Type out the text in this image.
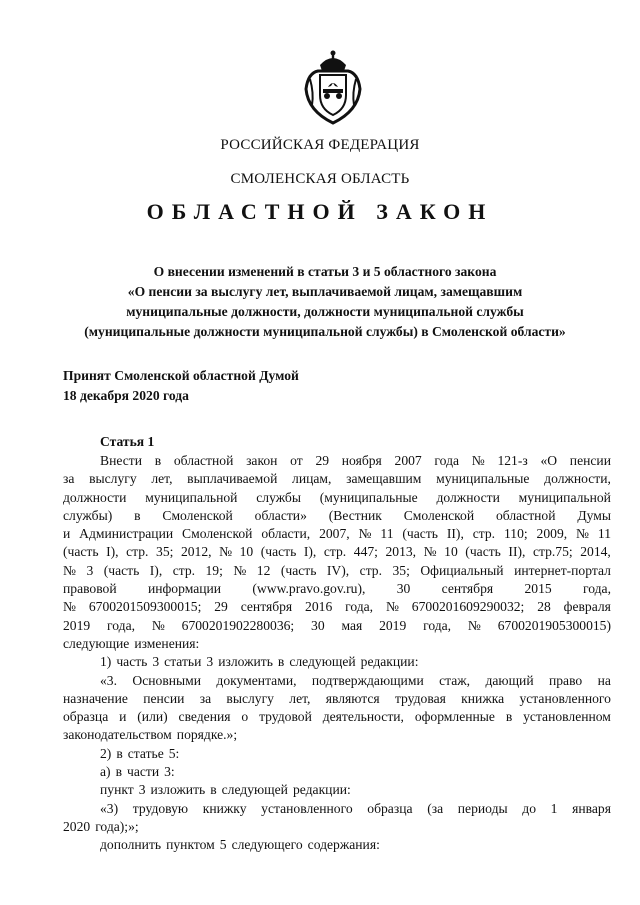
РОССИЙСКАЯ ФЕДЕРАЦИЯ
СМОЛЕНСКАЯ ОБЛАСТЬ
ОБЛАСТНОЙ ЗАКОН
О внесении изменений в статьи 3 и 5 областного закона
«О пенсии за выслугу лет, выплачиваемой лицам, замещавшим
муниципальные должности, должности муниципальной службы
(муниципальные должности муниципальной службы) в Смоленской области»
Принят Смоленской областной Думой
18 декабря 2020 года
Статья 1
Внести в областной закон от 29 ноября 2007 года № 121-з «О пенсии
за выслугу лет, выплачиваемой лицам, замещавшим муниципальные должности,
должности муниципальной службы (муниципальные должности муниципальной
службы) в Смоленской области» (Вестник Смоленской областной Думы
и Администрации Смоленской области, 2007, № 11 (часть II), стр. 110; 2009, № 11
(часть I), стр. 35; 2012, № 10 (часть I), стр. 447; 2013, № 10 (часть II), стр.75; 2014,
№ 3 (часть I), стр. 19; № 12 (часть IV), стр. 35; Официальный интернет-портал
правовой информации (www.pravo.gov.ru), 30 сентября 2015 года,
№ 6700201509300015; 29 сентября 2016 года, № 6700201609290032; 28 февраля
2019 года, № 6700201902280036; 30 мая 2019 года, № 6700201905300015)
следующие изменения:
1) часть 3 статьи 3 изложить в следующей редакции:
«3. Основными документами, подтверждающими стаж, дающий право на
назначение пенсии за выслугу лет, являются трудовая книжка установленного
образца и (или) сведения о трудовой деятельности, оформленные в установленном
законодательством порядке.»;
2) в статье 5:
а) в части 3:
пункт 3 изложить в следующей редакции:
«3) трудовую книжку установленного образца (за периоды до 1 января
2020 года);»;
дополнить пунктом 5 следующего содержания:
